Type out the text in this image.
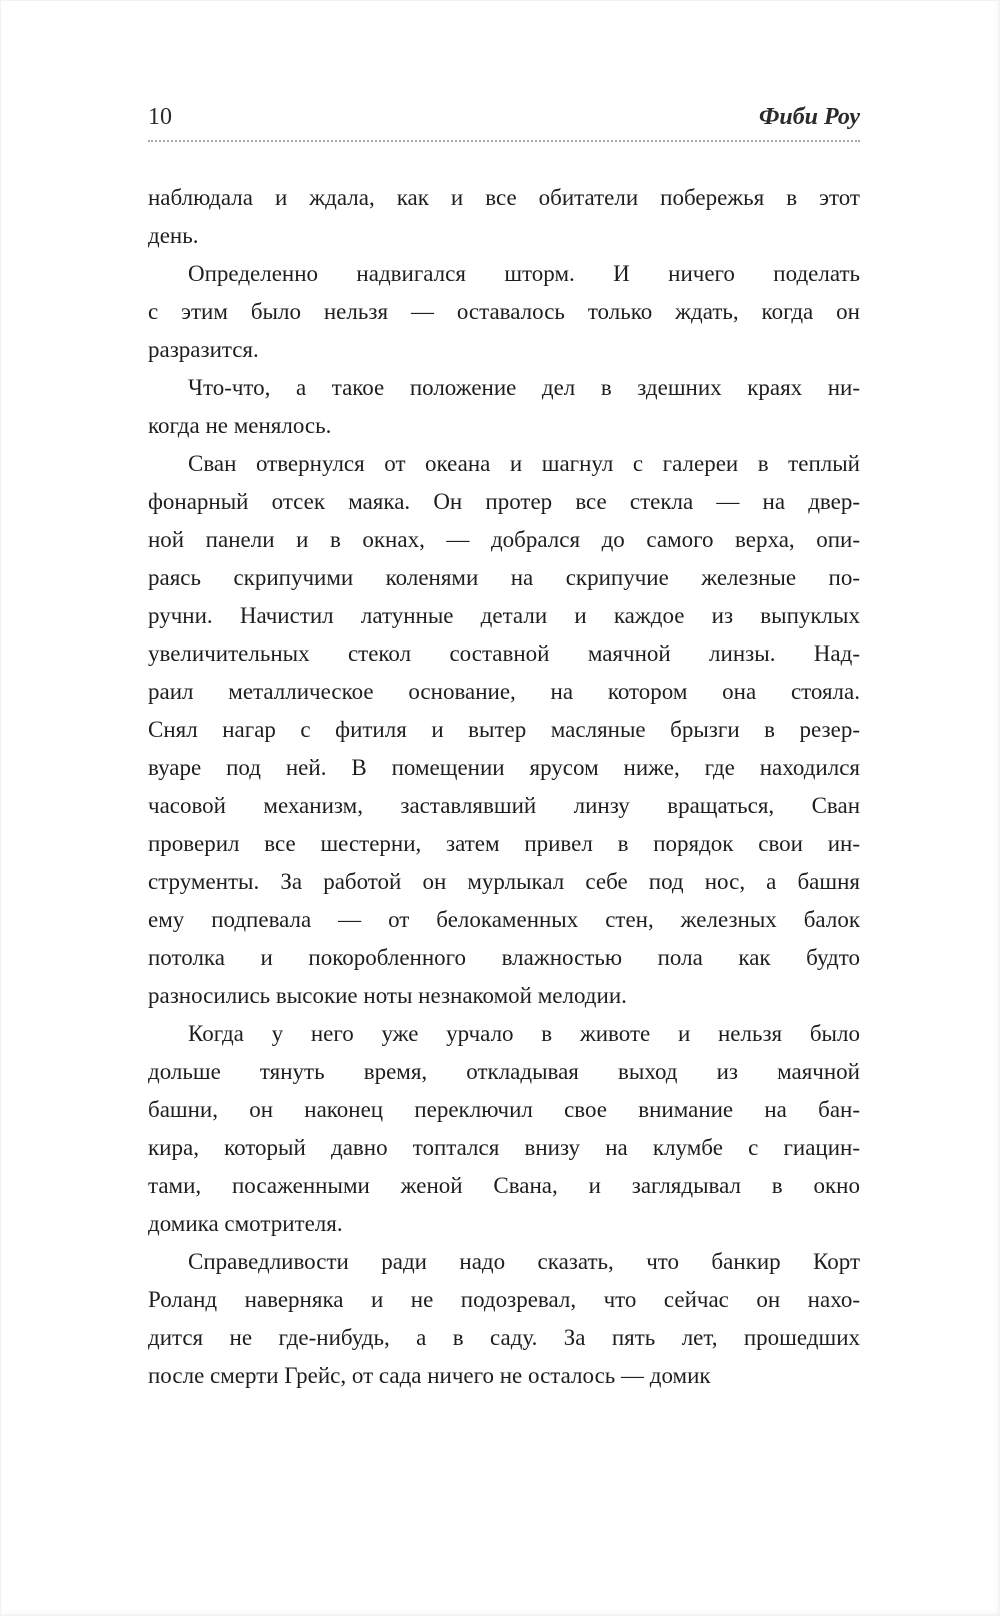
10	Фиби Роу
наблюдала и ждала, как и все обитатели побережья в этот
день.
Определенно надвигался шторм. И ничего поделать
с этим было нельзя — оставалось только ждать, когда он
разразится.
Что-что, а такое положение дел в здешних краях ни-
когда не менялось.
Сван отвернулся от океана и шагнул с галереи в теплый
фонарный отсек маяка. Он протер все стекла — на двер-
ной панели и в окнах, — добрался до самого верха, опи-
раясь скрипучими коленями на скрипучие железные по-
ручни. Начистил латунные детали и каждое из выпуклых
увеличительных стекол составной маячной линзы. Над-
раил металлическое основание, на котором она стояла.
Снял нагар с фитиля и вытер масляные брызги в резер-
вуаре под ней. В помещении ярусом ниже, где находился
часовой механизм, заставлявший линзу вращаться, Сван
проверил все шестерни, затем привел в порядок свои ин-
струменты. За работой он мурлыкал себе под нос, а башня
ему подпевала — от белокаменных стен, железных балок
потолка и покоробленного влажностью пола как будто
разносились высокие ноты незнакомой мелодии.
Когда у него уже урчало в животе и нельзя было
дольше тянуть время, откладывая выход из маячной
башни, он наконец переключил свое внимание на бан-
кира, который давно топтался внизу на клумбе с гиацин-
тами, посаженными женой Свана, и заглядывал в окно
домика смотрителя.
Справедливости ради надо сказать, что банкир Корт
Роланд наверняка и не подозревал, что сейчас он нахо-
дится не где-нибудь, а в саду. За пять лет, прошедших
после смерти Грейс, от сада ничего не осталось — домик
